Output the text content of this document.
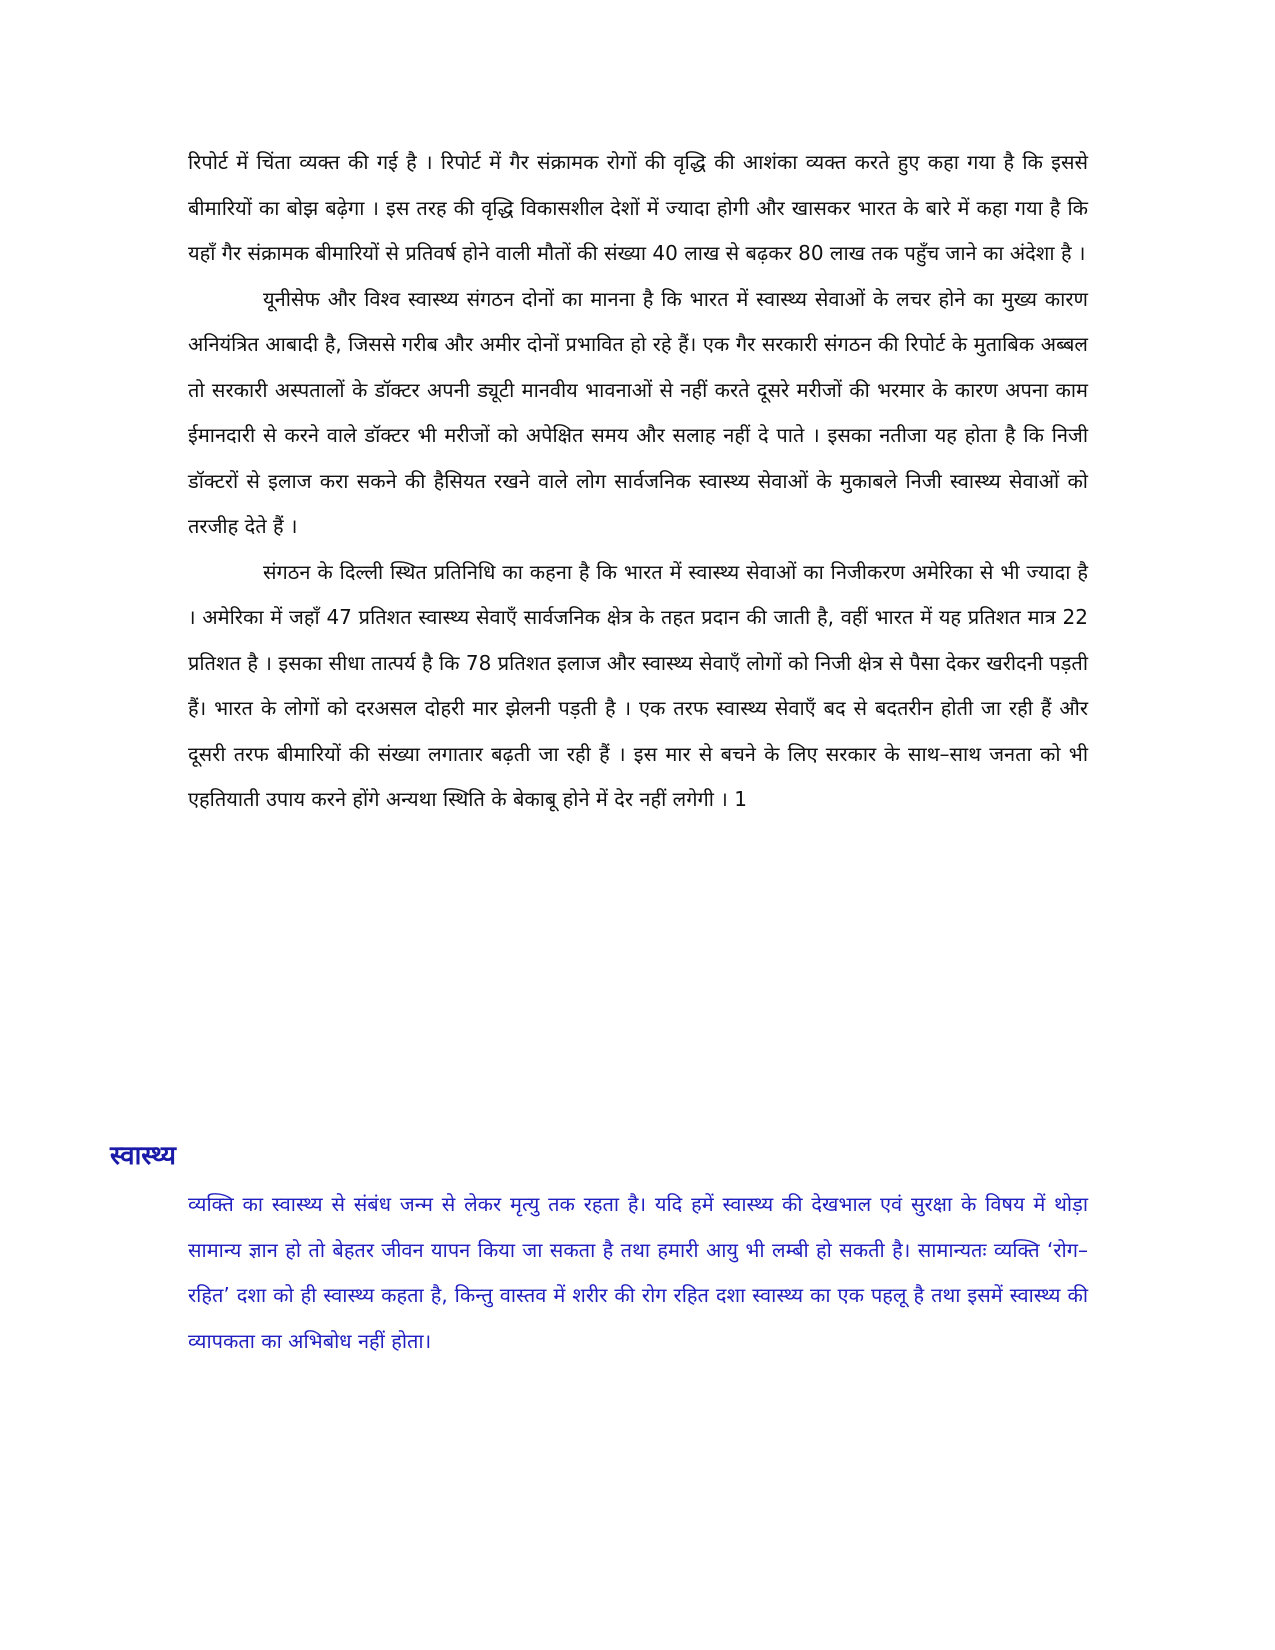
रिपोर्ट में चिंता व्यक्त की गई है । रिपोर्ट में गैर संक्रामक रोगों की वृद्धि की आशंका व्यक्त करते हुए कहा गया है कि इससे बीमारियों का बोझ बढ़ेगा । इस तरह की वृद्धि विकासशील देशों में ज्यादा होगी और खासकर भारत के बारे में कहा गया है कि यहॉं गैर संक्रामक बीमारियों से प्रतिवर्ष होने वाली मौतों की संख्या 40 लाख से बढ़कर 80 लाख तक पहुॅंच जाने का अंदेशा है ।

यूनीसेफ और विश्व स्वास्थ्य संगठन दोनों का मानना है कि भारत में स्वास्थ्य सेवाओं के लचर होने का मुख्य कारण अनियंत्रित आबादी है, जिससे गरीब और अमीर दोनों प्रभावित हो रहे हैं। एक गैर सरकारी संगठन की रिपोर्ट के मुताबिक अब्बल तो सरकारी अस्पतालों के डॉक्टर अपनी ड्यूटी मानवीय भावनाओं से नहीं करते दूसरे मरीजों की भरमार के कारण अपना काम ईमानदारी से करने वाले डॉक्टर भी मरीजों को अपेक्षित समय और सलाह नहीं दे पाते । इसका नतीजा यह होता है कि निजी डॉक्टरों से इलाज करा सकने की हैसियत रखने वाले लोग सार्वजनिक स्वास्थ्य सेवाओं के मुकाबले निजी स्वास्थ्य सेवाओं को तरजीह देते हैं ।

संगठन के दिल्ली स्थित प्रतिनिधि का कहना है कि भारत में स्वास्थ्य सेवाओं का निजीकरण अमेरिका से भी ज्यादा है । अमेरिका में जहॉं 47 प्रतिशत स्वास्थ्य सेवाऍं सार्वजनिक क्षेत्र के तहत प्रदान की जाती है, वहीं भारत में यह प्रतिशत मात्र 22 प्रतिशत है । इसका सीधा तात्पर्य है कि 78 प्रतिशत इलाज और स्वास्थ्य सेवाऍं लोगों को निजी क्षेत्र से पैसा देकर खरीदनी पड़ती हैं। भारत के लोगों को दरअसल दोहरी मार झेलनी पड़ती है । एक तरफ स्वास्थ्य सेवाऍं बद से बदतरीन होती जा रही हैं और दूसरी तरफ बीमारियों की संख्या लगातार बढ़ती जा रही हैं । इस मार से बचने के लिए सरकार के साथ–साथ जनता को भी एहतियाती उपाय करने होंगे अन्यथा स्थिति के बेकाबू होने में देर नहीं लगेगी । 1

स्वास्थ्य

व्यक्ति का स्वास्थ्य से संबंध जन्म से लेकर मृत्यु तक रहता है। यदि हमें स्वास्थ्य की देखभाल एवं सुरक्षा के विषय में थोड़ा सामान्य ज्ञान हो तो बेहतर जीवन यापन किया जा सकता है तथा हमारी आयु भी लम्बी हो सकती है। सामान्यतः व्यक्ति ‘रोग–रहित’ दशा को ही स्वास्थ्य कहता है, किन्तु वास्तव में शरीर की रोग रहित दशा स्वास्थ्य का एक पहलू है तथा इसमें स्वास्थ्य की व्यापकता का अभिबोध नहीं होता।
